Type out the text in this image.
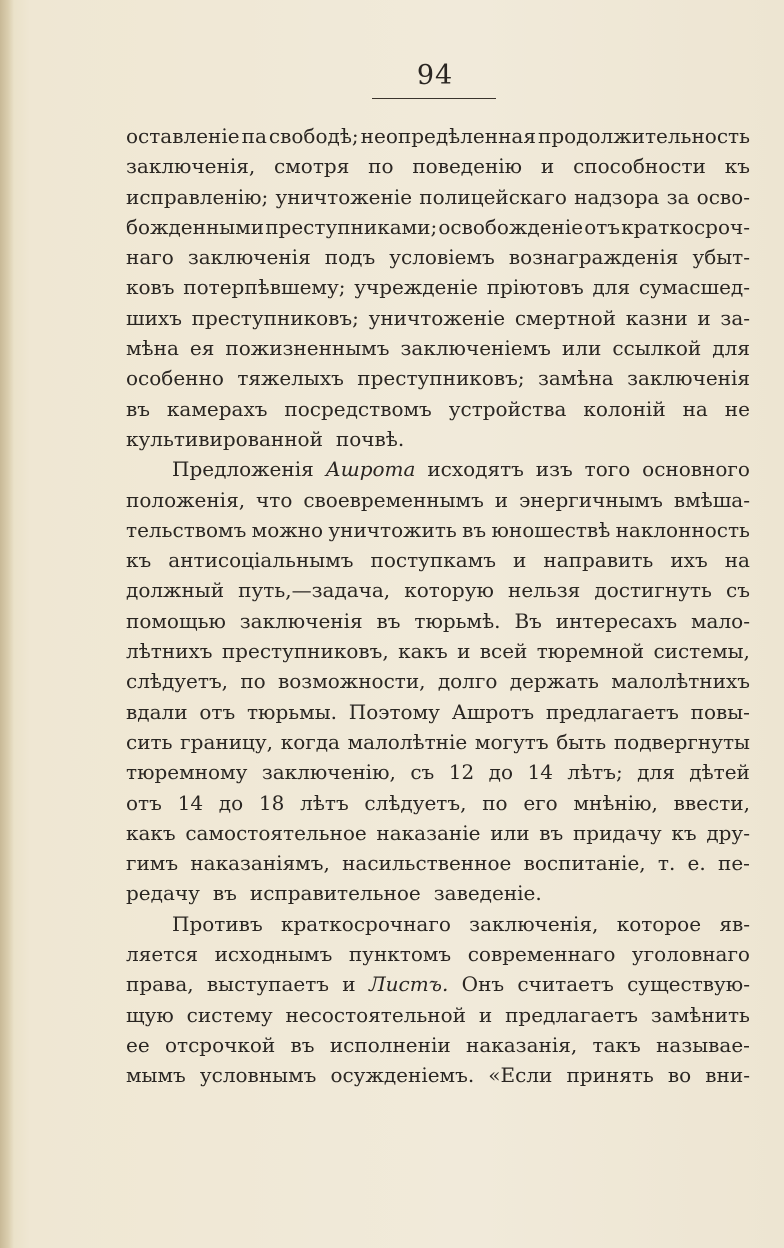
94
оставленіе па свободѣ; неопредѣленная продолжительность
заключенія, смотря по поведенію и способности къ
исправленію; уничтоженіе полицейскаго надзора за осво-
божденными преступниками; освобожденіе отъ краткосроч-
наго заключенія подъ условіемъ вознагражденія убыт-
ковъ потерпѣвшему; учрежденіе пріютовъ для сумасшед-
шихъ преступниковъ; уничтоженіе смертной казни и за-
мѣна ея пожизненнымъ заключеніемъ или ссылкой для
особенно тяжелыхъ преступниковъ; замѣна заключенія
въ камерахъ посредствомъ устройства колоній на не
культивированной почвѣ.
Предложенія Ашрота исходятъ изъ того основного
положенія, что своевременнымъ и энергичнымъ вмѣша-
тельствомъ можно уничтожить въ юношествѣ наклонность
къ антисоціальнымъ поступкамъ и направить ихъ на
должный путь,—задача, которую нельзя достигнуть съ
помощью заключенія въ тюрьмѣ. Въ интересахъ мало-
лѣтнихъ преступниковъ, какъ и всей тюремной системы,
слѣдуетъ, по возможности, долго держать малолѣтнихъ
вдали отъ тюрьмы. Поэтому Ашротъ предлагаетъ повы-
сить границу, когда малолѣтніе могутъ быть подвергнуты
тюремному заключенію, съ 12 до 14 лѣтъ; для дѣтей
отъ 14 до 18 лѣтъ слѣдуетъ, по его мнѣнію, ввести,
какъ самостоятельное наказаніе или въ придачу къ дру-
гимъ наказаніямъ, насильственное воспитаніе, т. е. пе-
редачу въ исправительное заведеніе.
Противъ краткосрочнаго заключенія, которое яв-
ляется исходнымъ пунктомъ современнаго уголовнаго
права, выступаетъ и Листъ. Онъ считаетъ существую-
щую систему несостоятельной и предлагаетъ замѣнить
ее отсрочкой въ исполненіи наказанія, такъ называе-
мымъ условнымъ осужденіемъ. «Если принять во вни-
